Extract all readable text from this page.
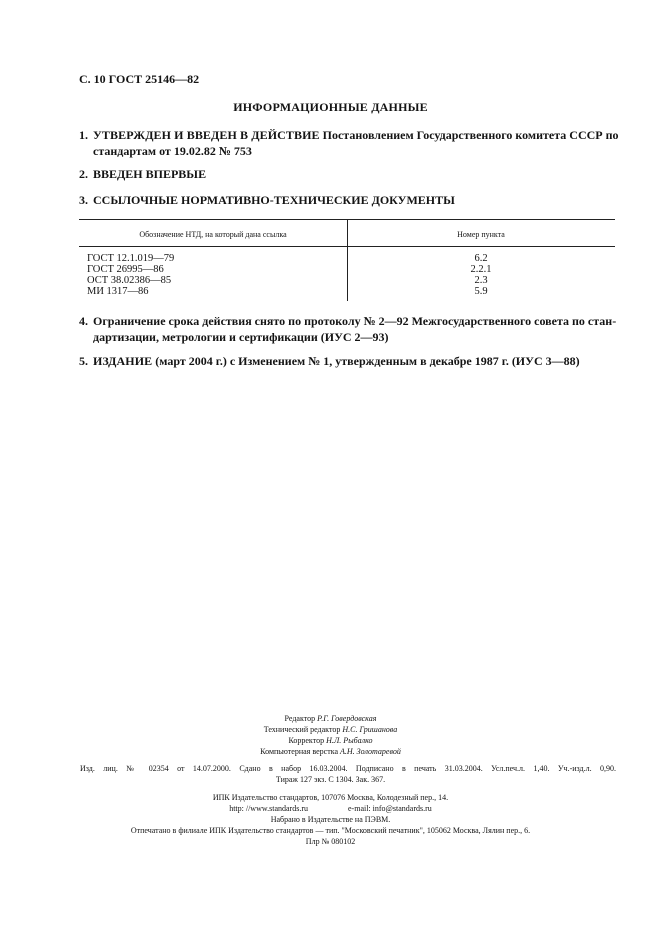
С. 10 ГОСТ 25146—82
ИНФОРМАЦИОННЫЕ ДАННЫЕ
1. УТВЕРЖДЕН И ВВЕДЕН В ДЕЙСТВИЕ Постановлением Государственного комитета СССР по
стандартам от 19.02.82 № 753
2. ВВЕДЕН ВПЕРВЫЕ
3. ССЫЛОЧНЫЕ НОРМАТИВНО-ТЕХНИЧЕСКИЕ ДОКУМЕНТЫ
Обозначение НТД, на который дана ссылка	Номер пункта
ГОСТ 12.1.019—79	6.2
ГОСТ 26995—86	2.2.1
ОСТ 38.02386—85	2.3
МИ 1317—86	5.9
4. Ограничение срока действия снято по протоколу № 2—92 Межгосударственного совета по стан-
дартизации, метрологии и сертификации (ИУС 2—93)
5. ИЗДАНИЕ (март 2004 г.) с Изменением № 1, утвержденным в декабре 1987 г. (ИУС 3—88)
Редактор Р.Г. Говердовская
Технический редактор Н.С. Гришанова
Корректор Н.Л. Рыбалко
Компьютерная верстка А.Н. Золотаревой
Изд. лиц. № 02354 от 14.07.2000. Сдано в набор 16.03.2004. Подписано в печать 31.03.2004. Усл.печ.л. 1,40. Уч.-изд.л. 0,90.
Тираж 127 экз. С 1304. Зак. 367.
ИПК Издательство стандартов, 107076 Москва, Колодезный пер., 14.
http: //www.standards.ru	e-mail: info@standards.ru
Набрано в Издательстве на ПЭВМ.
Отпечатано в филиале ИПК Издательство стандартов — тип. "Московский печатник", 105062 Москва, Лялин пер., 6.
Плр № 080102
